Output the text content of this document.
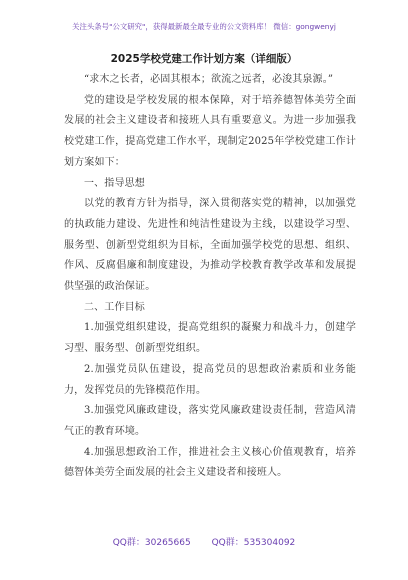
关注头条号"公文研究"，获得最新最全最专业的公文资料库！ 微信：gongwenyj
2025学校党建工作计划方案（详细版）

“求木之长者，必固其根本；欲流之远者，必浚其泉源。”

党的建设是学校发展的根本保障，对于培养德智体美劳全面发展的社会主义建设者和接班人具有重要意义。为进一步加强我校党建工作，提高党建工作水平，现制定2025年学校党建工作计划方案如下：

一、指导思想

以党的教育方针为指导，深入贯彻落实党的精神，以加强党的执政能力建设、先进性和纯洁性建设为主线，以建设学习型、服务型、创新型党组织为目标，全面加强学校党的思想、组织、作风、反腐倡廉和制度建设，为推动学校教育教学改革和发展提供坚强的政治保证。

二、工作目标

1.加强党组织建设，提高党组织的凝聚力和战斗力，创建学习型、服务型、创新型党组织。

2.加强党员队伍建设，提高党员的思想政治素质和业务能力，发挥党员的先锋模范作用。

3.加强党风廉政建设，落实党风廉政建设责任制，营造风清气正的教育环境。

4.加强思想政治工作，推进社会主义核心价值观教育，培养德智体美劳全面发展的社会主义建设者和接班人。

QQ群：30265665 QQ群：535304092
